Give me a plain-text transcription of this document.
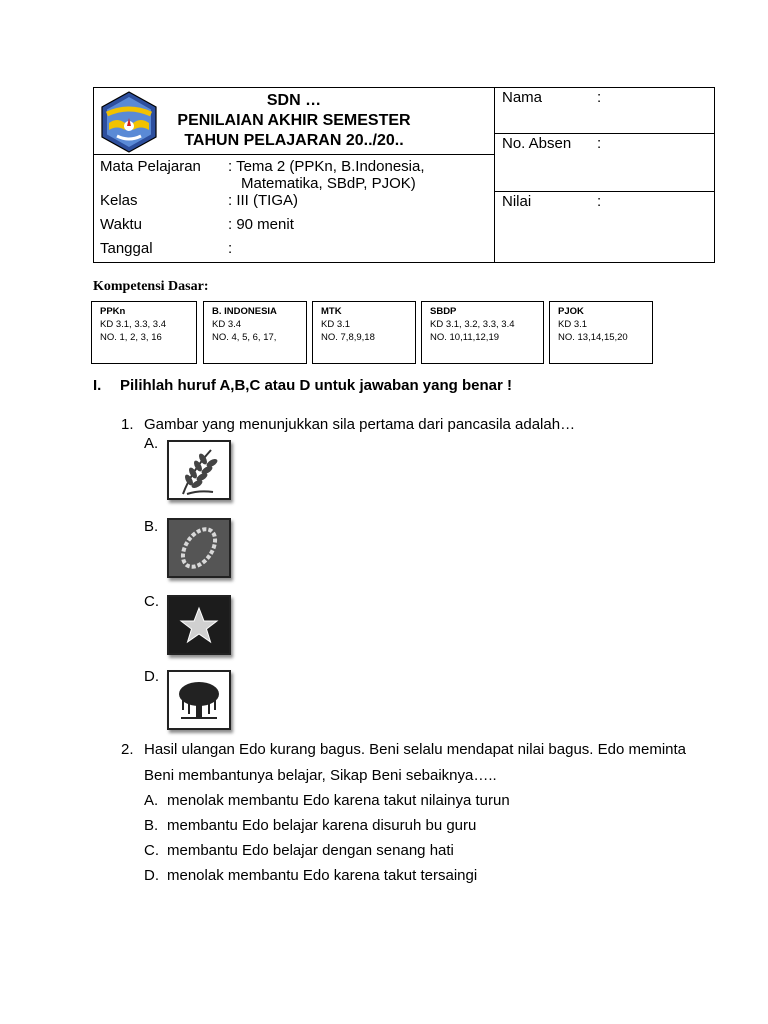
SDN …
PENILAIAN AKHIR SEMESTER
TAHUN PELAJARAN 20../20..
Mata Pelajaran : Tema 2 (PPKn, B.Indonesia,
Matematika, SBdP, PJOK)
Kelas	: III (TIGA)
Waktu	: 90 menit
Tanggal	:
Nama	:
No. Absen :
Nilai	:
Kompetensi Dasar:
PPKn
KD 3.1, 3.3, 3.4
NO. 1, 2, 3, 16
B. INDONESIA
KD 3.4
NO. 4, 5, 6, 17,
MTK
KD 3.1
NO. 7,8,9,18
SBDP
KD 3.1, 3.2, 3.3, 3.4
NO. 10,11,12,19
PJOK
KD 3.1
NO. 13,14,15,20
I. Pilihlah huruf A,B,C atau D untuk jawaban yang benar !
1. Gambar yang menunjukkan sila pertama dari pancasila adalah…
A.
B.
C.
D.
2. Hasil ulangan Edo kurang bagus. Beni selalu mendapat nilai bagus. Edo meminta
Beni membantunya belajar, Sikap Beni sebaiknya…..
A. menolak membantu Edo karena takut nilainya turun
B. membantu Edo belajar karena disuruh bu guru
C. membantu Edo belajar dengan senang hati
D. menolak membantu Edo karena takut tersaingi
